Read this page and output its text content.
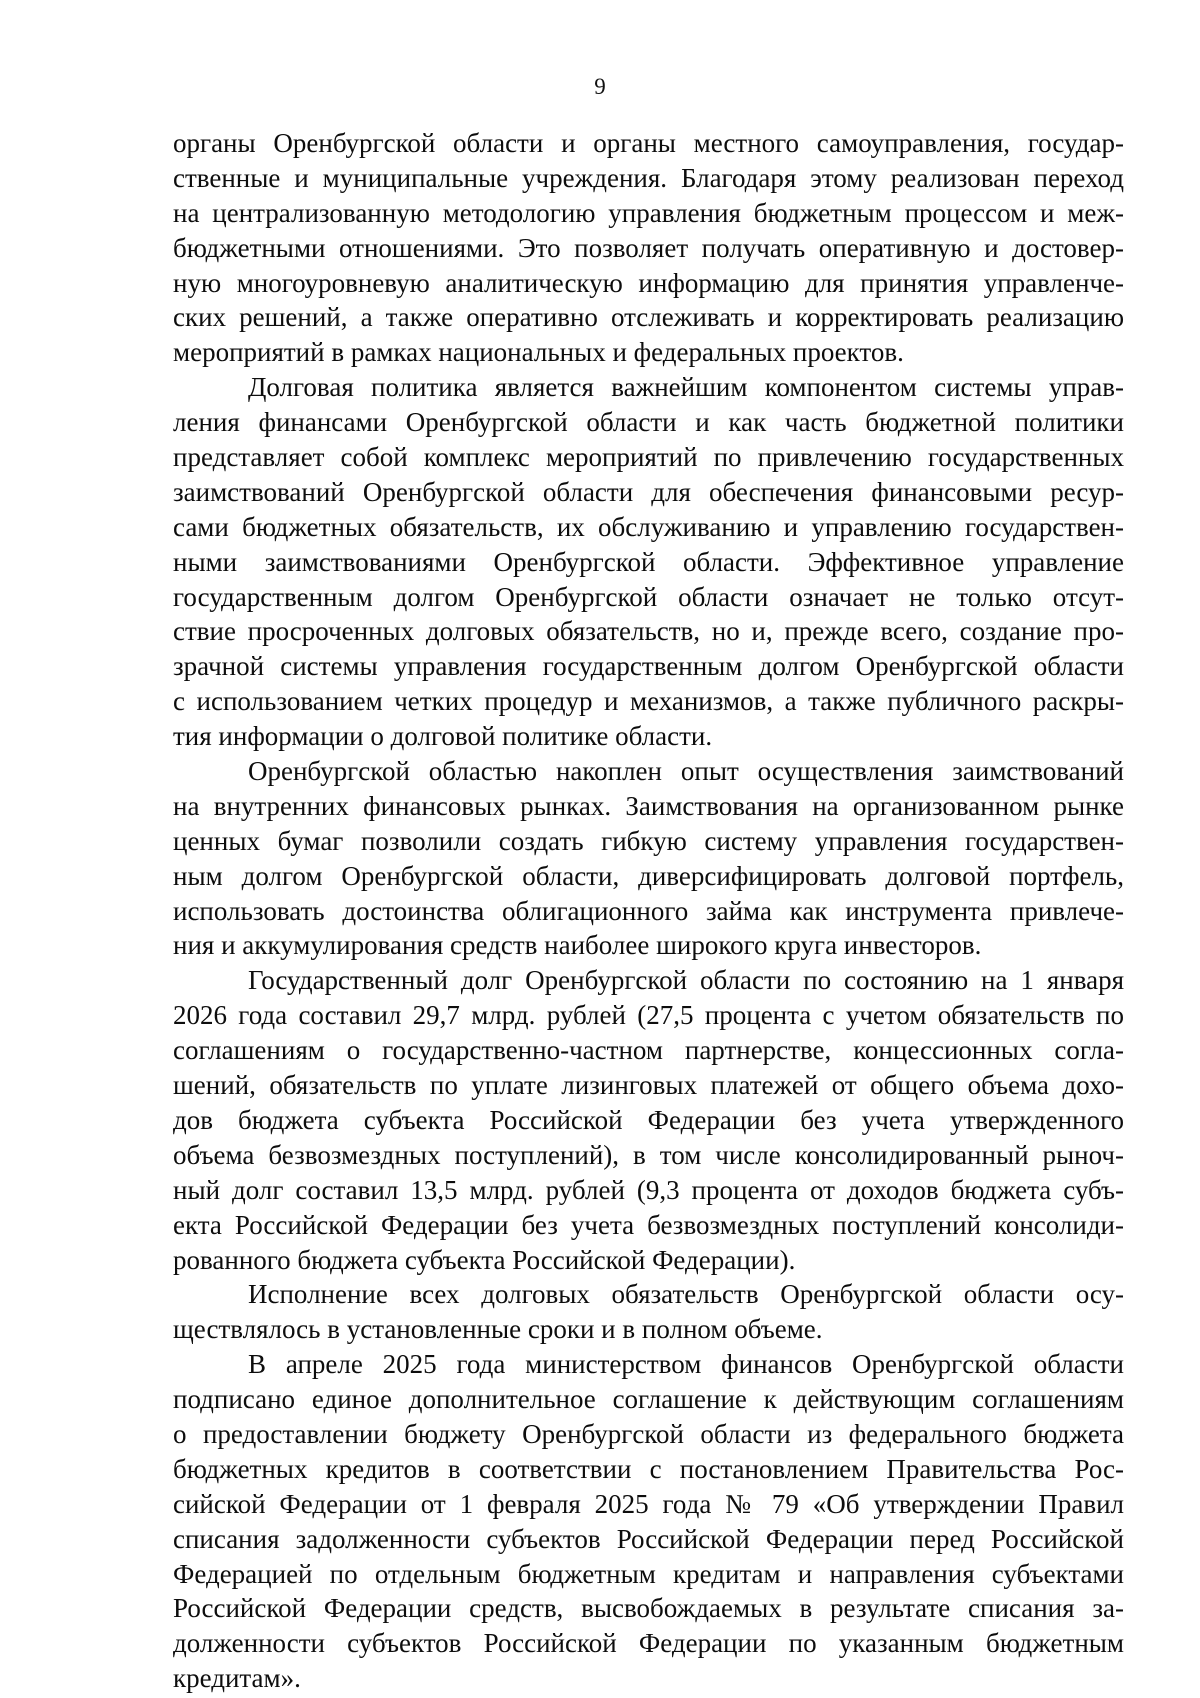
9
органы Оренбургской области и органы местного самоуправления, государ-
ственные и муниципальные учреждения. Благодаря этому реализован переход
на централизованную методологию управления бюджетным процессом и меж-
бюджетными отношениями. Это позволяет получать оперативную и достовер-
ную многоуровневую аналитическую информацию для принятия управленче-
ских решений, а также оперативно отслеживать и корректировать реализацию
мероприятий в рамках национальных и федеральных проектов.
Долговая политика является важнейшим компонентом системы управ-
ления финансами Оренбургской области и как часть бюджетной политики
представляет собой комплекс мероприятий по привлечению государственных
заимствований Оренбургской области для обеспечения финансовыми ресур-
сами бюджетных обязательств, их обслуживанию и управлению государствен-
ными заимствованиями Оренбургской области. Эффективное управление
государственным долгом Оренбургской области означает не только отсут-
ствие просроченных долговых обязательств, но и, прежде всего, создание про-
зрачной системы управления государственным долгом Оренбургской области
с использованием четких процедур и механизмов, а также публичного раскры-
тия информации о долговой политике области.
Оренбургской областью накоплен опыт осуществления заимствований
на внутренних финансовых рынках. Заимствования на организованном рынке
ценных бумаг позволили создать гибкую систему управления государствен-
ным долгом Оренбургской области, диверсифицировать долговой портфель,
использовать достоинства облигационного займа как инструмента привлече-
ния и аккумулирования средств наиболее широкого круга инвесторов.
Государственный долг Оренбургской области по состоянию на 1 января
2026 года составил 29,7 млрд. рублей (27,5 процента с учетом обязательств по
соглашениям о государственно-частном партнерстве, концессионных согла-
шений, обязательств по уплате лизинговых платежей от общего объема дохо-
дов бюджета субъекта Российской Федерации без учета утвержденного
объема безвозмездных поступлений), в том числе консолидированный рыноч-
ный долг составил 13,5 млрд. рублей (9,3 процента от доходов бюджета субъ-
екта Российской Федерации без учета безвозмездных поступлений консолиди-
рованного бюджета субъекта Российской Федерации).
Исполнение всех долговых обязательств Оренбургской области осу-
ществлялось в установленные сроки и в полном объеме.
В апреле 2025 года министерством финансов Оренбургской области
подписано единое дополнительное соглашение к действующим соглашениям
о предоставлении бюджету Оренбургской области из федерального бюджета
бюджетных кредитов в соответствии с постановлением Правительства Рос-
сийской Федерации от 1 февраля 2025 года № 79 «Об утверждении Правил
списания задолженности субъектов Российской Федерации перед Российской
Федерацией по отдельным бюджетным кредитам и направления субъектами
Российской Федерации средств, высвобождаемых в результате списания за-
долженности субъектов Российской Федерации по указанным бюджетным
кредитам».
